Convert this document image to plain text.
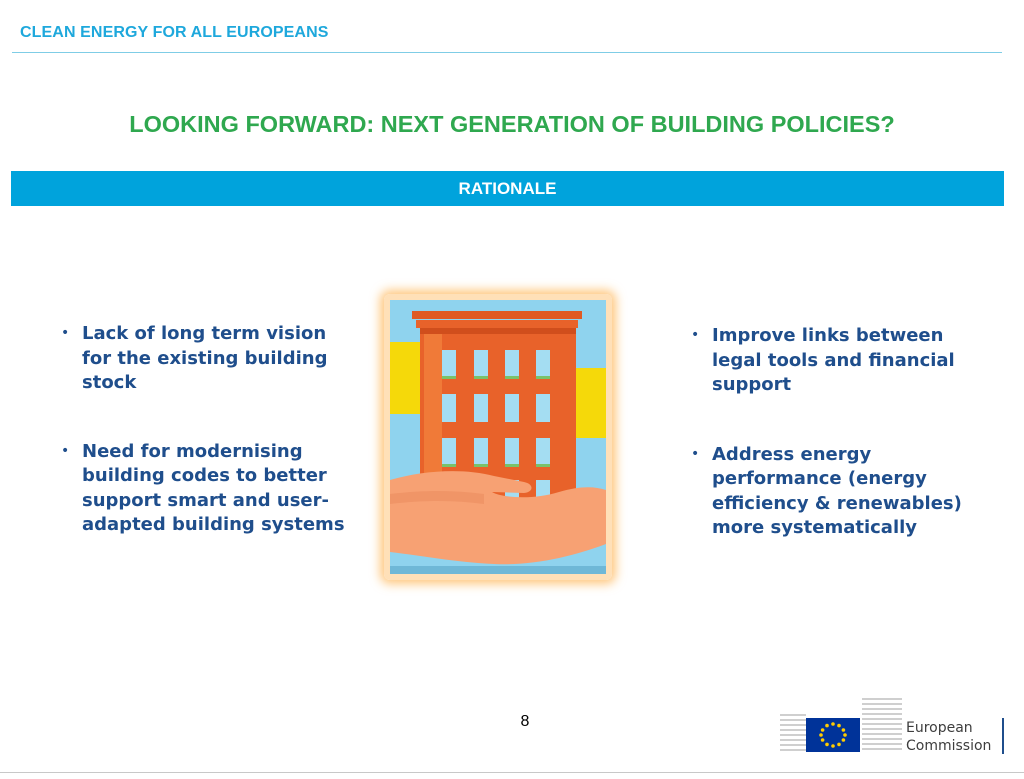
CLEAN ENERGY FOR ALL EUROPEANS
LOOKING FORWARD: NEXT GENERATION OF BUILDING POLICIES?
RATIONALE
• Lack of long term vision for the existing building stock
• Need for modernising building codes to better support smart and user-adapted building systems
• Improve links between legal tools and financial support
• Address energy performance (energy efficiency & renewables) more systematically
8	European
Commission
